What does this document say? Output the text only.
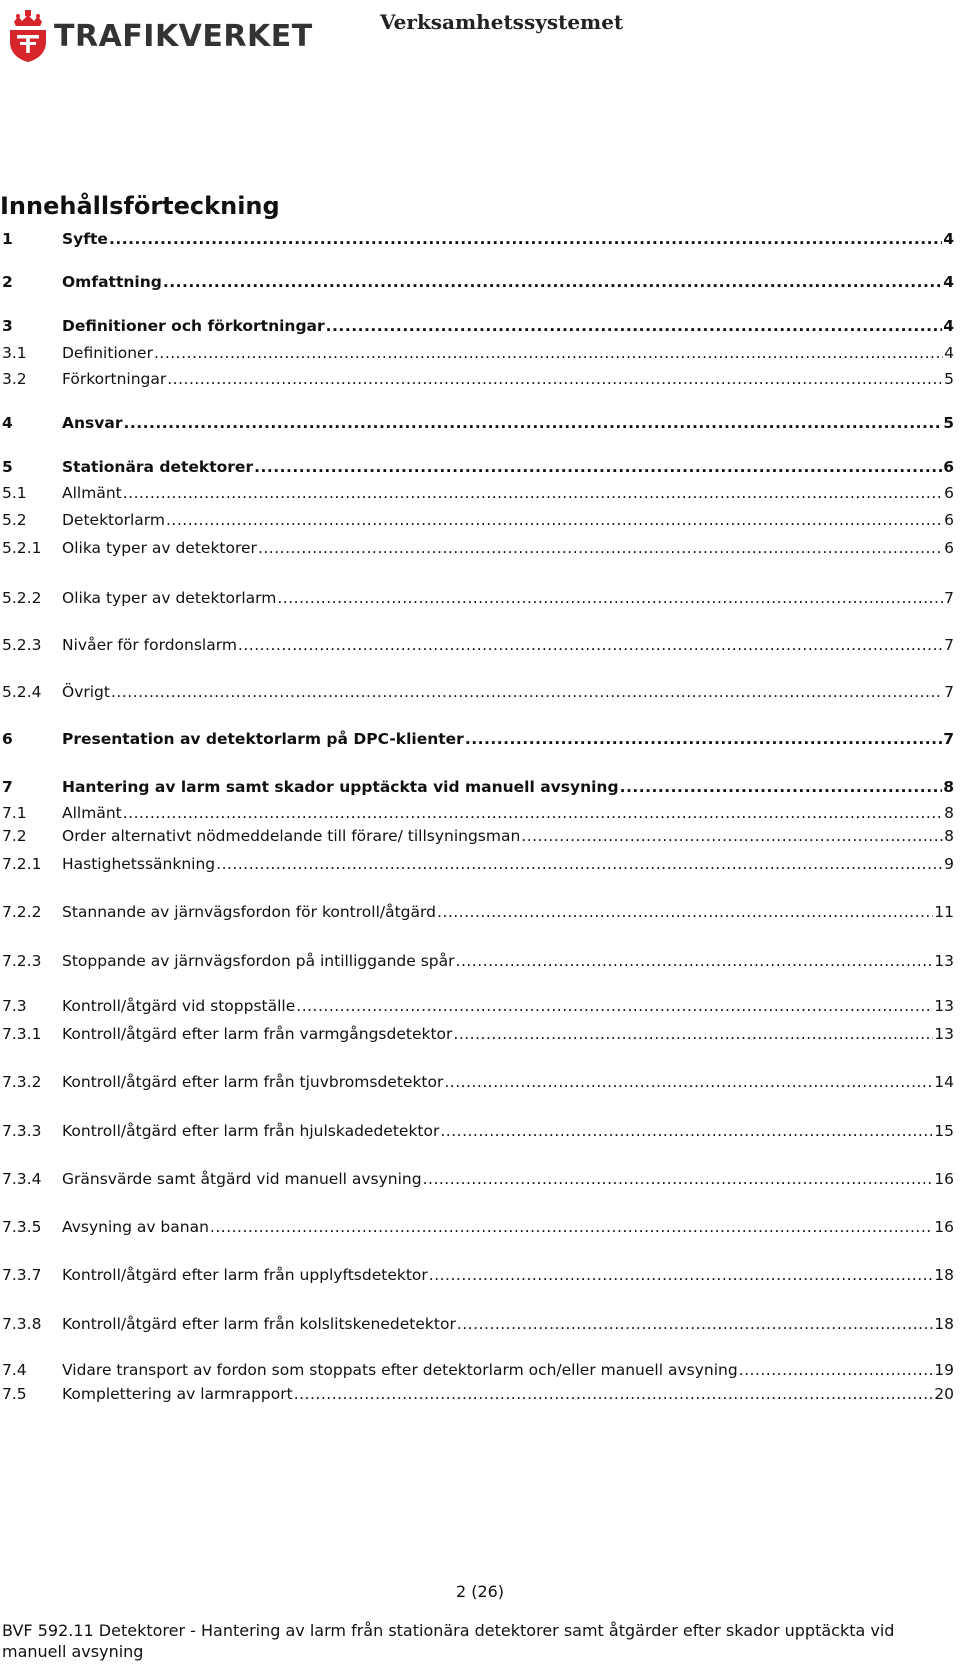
TRAFIKVERKET	Verksamhetssystemet
Innehållsförteckning
1	Syfte .....	4
2	Omfattning .....	4
3	Definitioner och förkortningar .....	4
3.1	Definitioner .....	4
3.2	Förkortningar .....	5
4	Ansvar .....	5
5	Stationära detektorer .....	6
5.1	Allmänt .....	6
5.2	Detektorlarm .....	6
5.2.1	Olika typer av detektorer .....	6
5.2.2	Olika typer av detektorlarm .....	7
5.2.3	Nivåer för fordonslarm .....	7
5.2.4	Övrigt .....	7
6	Presentation av detektorlarm på DPC-klienter .....	7
7	Hantering av larm samt skador upptäckta vid manuell avsyning .....	8
7.1	Allmänt .....	8
7.2	Order alternativt nödmeddelande till förare/ tillsyningsman .....	8
7.2.1	Hastighetssänkning .....	9
7.2.2	Stannande av järnvägsfordon för kontroll/åtgärd .....	11
7.2.3	Stoppande av järnvägsfordon på intilliggande spår .....	13
7.3	Kontroll/åtgärd vid stoppställe .....	13
7.3.1	Kontroll/åtgärd efter larm från varmgångsdetektor .....	13
7.3.2	Kontroll/åtgärd efter larm från tjuvbromsdetektor .....	14
7.3.3	Kontroll/åtgärd efter larm från hjulskadedetektor .....	15
7.3.4	Gränsvärde samt åtgärd vid manuell avsyning .....	16
7.3.5	Avsyning av banan .....	16
7.3.7	Kontroll/åtgärd efter larm från upplyftsdetektor .....	18
7.3.8	Kontroll/åtgärd efter larm från kolslitskenedetektor .....	18
7.4	Vidare transport av fordon som stoppats efter detektorlarm och/eller manuell avsyning .....	19
7.5	Komplettering av larmrapport .....	20
2 (26)
BVF 592.11 Detektorer - Hantering av larm från stationära detektorer samt åtgärder efter skador upptäckta vid manuell avsyning
